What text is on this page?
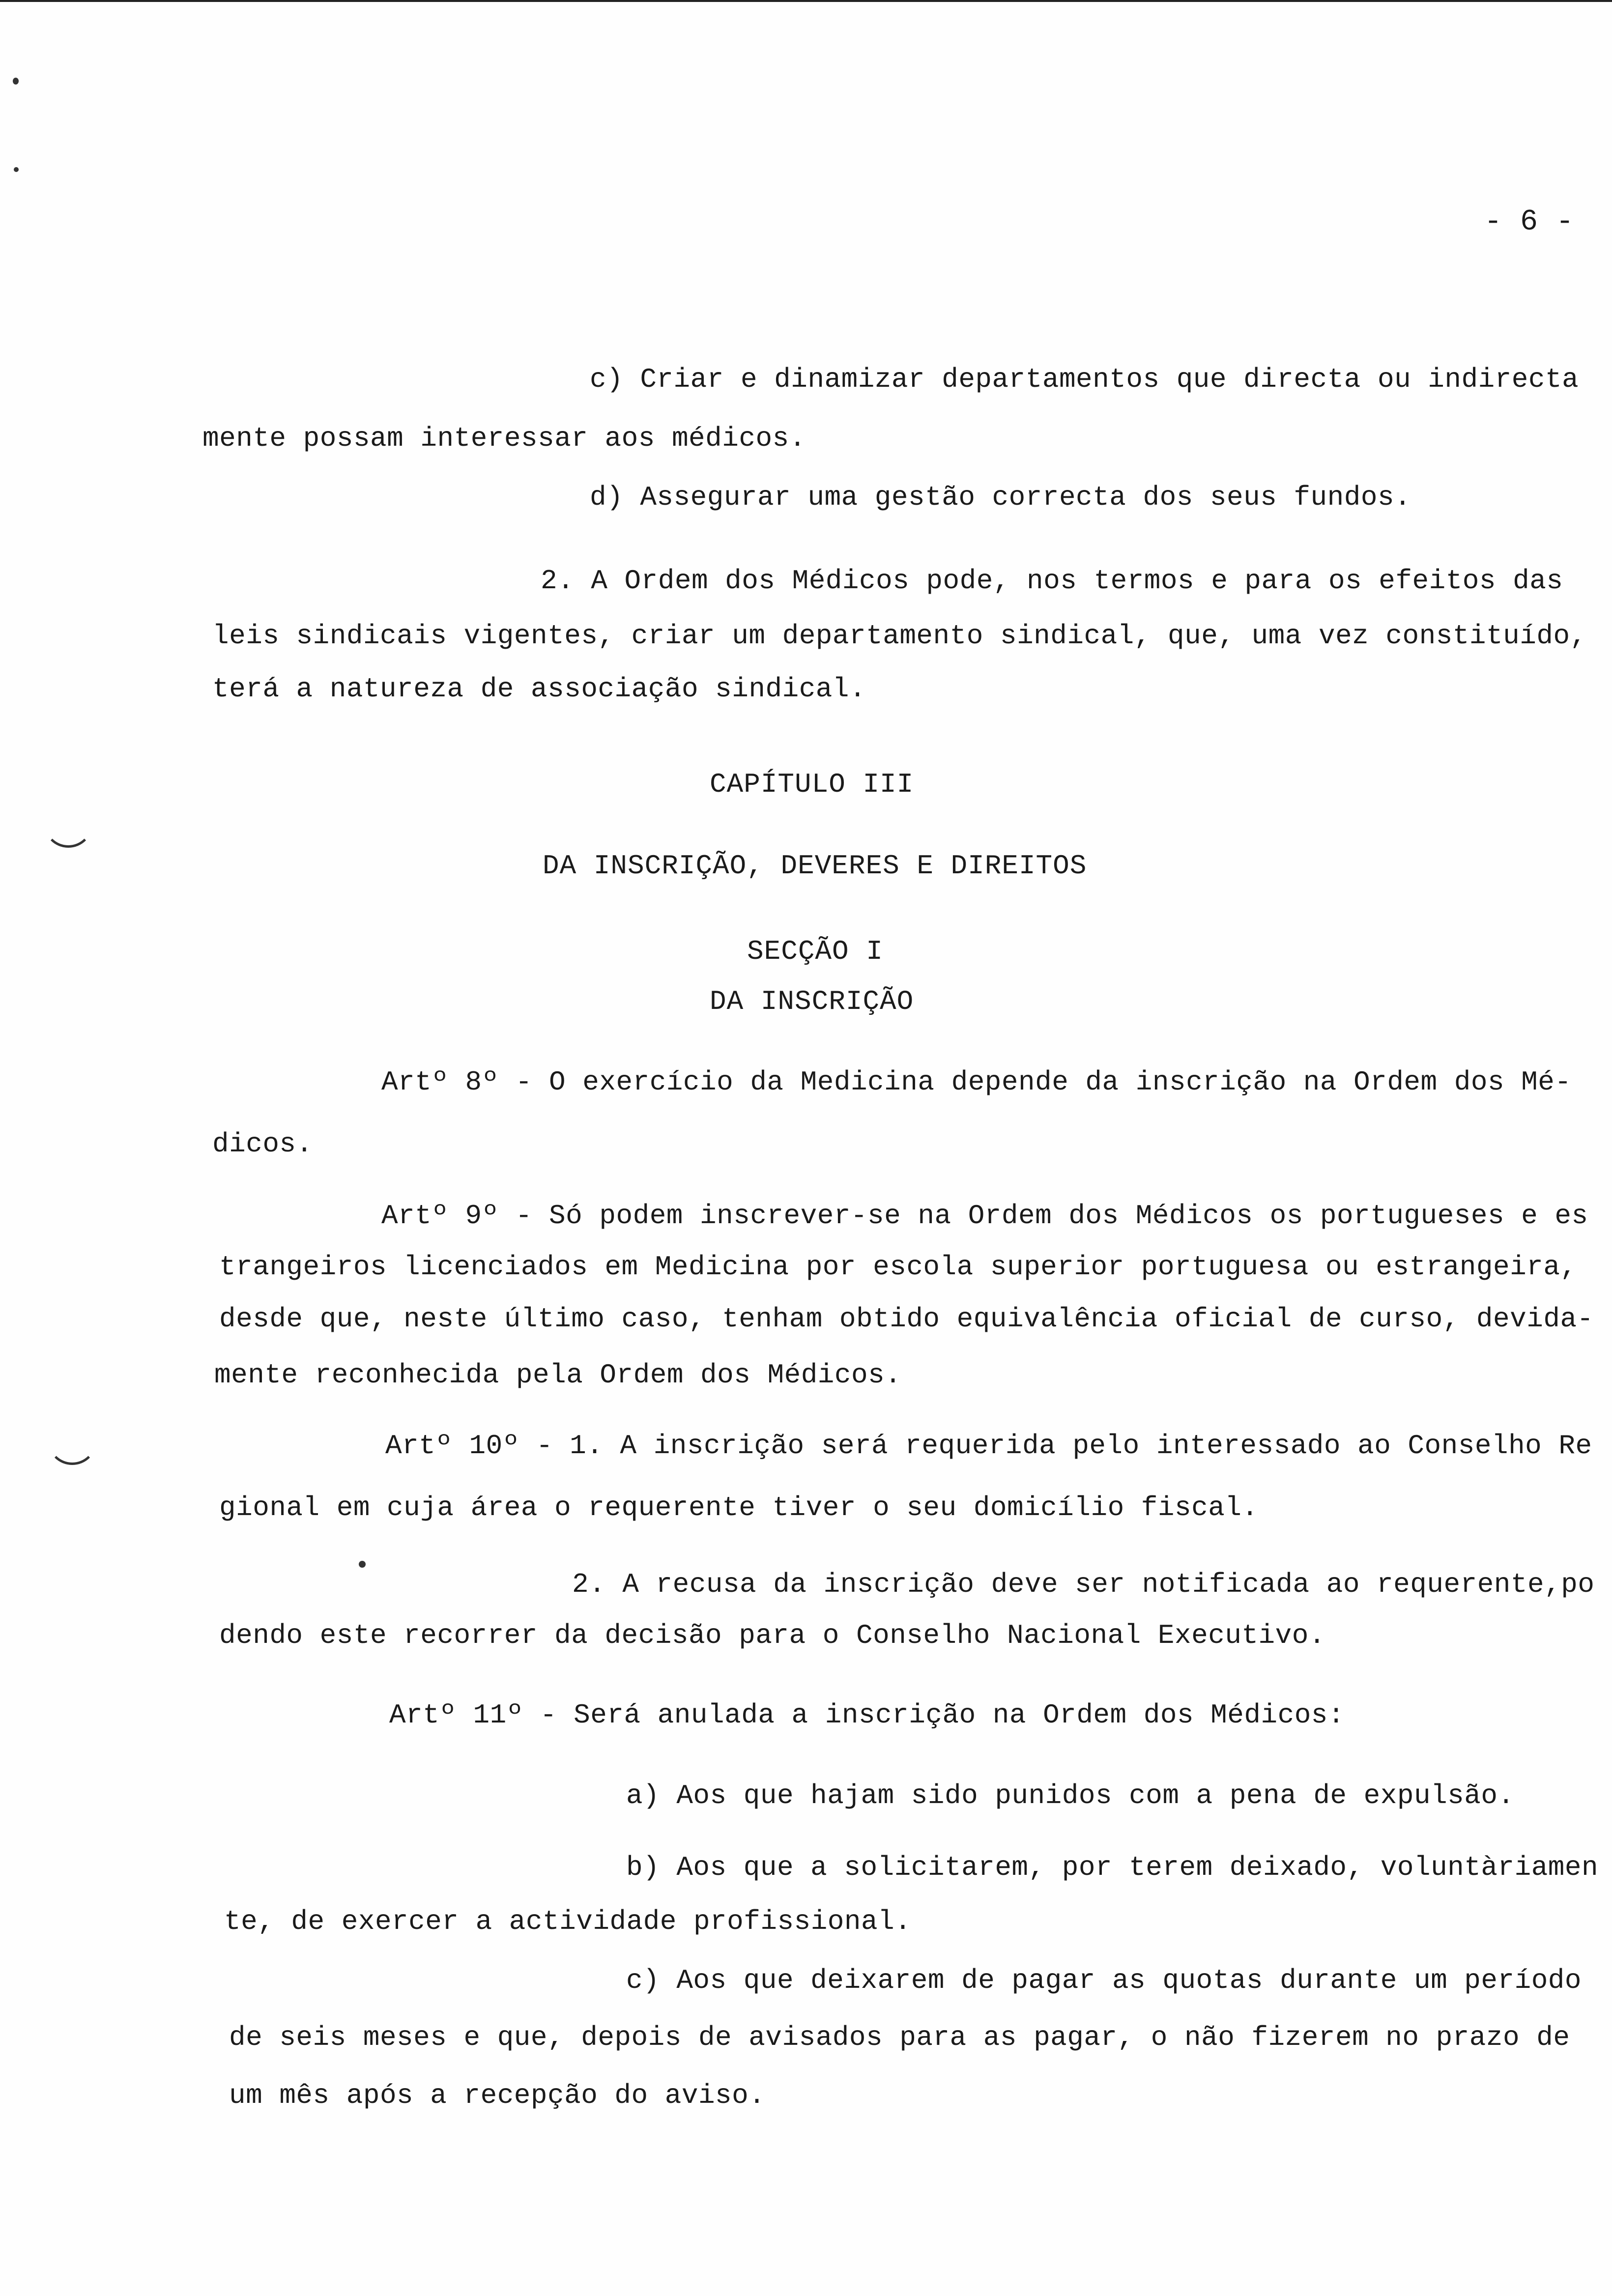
- 6 -
c) Criar e dinamizar departamentos que directa ou indirecta
mente possam interessar aos médicos.
d) Assegurar uma gestão correcta dos seus fundos.
2. A Ordem dos Médicos pode, nos termos e para os efeitos das
leis sindicais vigentes, criar um departamento sindical, que, uma vez constituído,
terá a natureza de associação sindical.
CAPÍTULO III
DA INSCRIÇÃO, DEVERES E DIREITOS
SECÇÃO I
DA INSCRIÇÃO
Artº 8º - O exercício da Medicina depende da inscrição na Ordem dos Mé-
dicos.
Artº 9º - Só podem inscrever-se na Ordem dos Médicos os portugueses e es
trangeiros licenciados em Medicina por escola superior portuguesa ou estrangeira,
desde que, neste último caso, tenham obtido equivalência oficial de curso, devida-
mente reconhecida pela Ordem dos Médicos.
Artº 10º - 1. A inscrição será requerida pelo interessado ao Conselho Re
gional em cuja área o requerente tiver o seu domicílio fiscal.
2. A recusa da inscrição deve ser notificada ao requerente,po
dendo este recorrer da decisão para o Conselho Nacional Executivo.
Artº 11º - Será anulada a inscrição na Ordem dos Médicos:
a) Aos que hajam sido punidos com a pena de expulsão.
b) Aos que a solicitarem, por terem deixado, voluntàriamen
te, de exercer a actividade profissional.
c) Aos que deixarem de pagar as quotas durante um período
de seis meses e que, depois de avisados para as pagar, o não fizerem no prazo de
um mês após a recepção do aviso.
